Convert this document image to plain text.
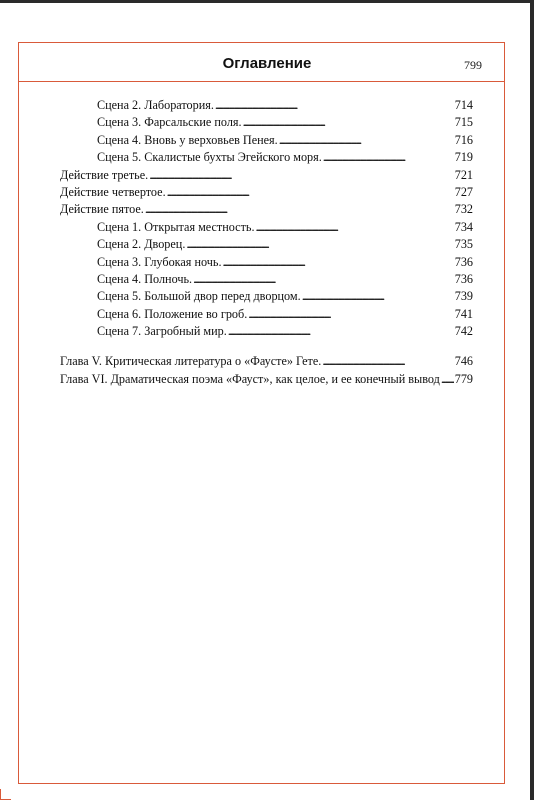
Оглавление	799
Сцена 2. Лаборатория. . . .	714
Сцена 3. Фарсальские поля. . . .	715
Сцена 4. Вновь у верховьев Пенея. . . .	716
Сцена 5. Скалистые бухты Эгейского моря. . . .	719
Действие третье. . . .	721
Действие четвертое. . . .	727
Действие пятое. . . .	732
Сцена 1. Открытая местность. . . .	734
Сцена 2. Дворец. . . .	735
Сцена 3. Глубокая ночь. . . .	736
Сцена 4. Полночь. . . .	736
Сцена 5. Большой двор перед дворцом. . . .	739
Сцена 6. Положение во гроб. . . .	741
Сцена 7. Загробный мир. . . .	742
Глава V. Критическая литература о «Фаусте» Гете. . . .	746
Глава VI. Драматическая поэма «Фауст», как целое, и ее конечный вывод . . . 779
